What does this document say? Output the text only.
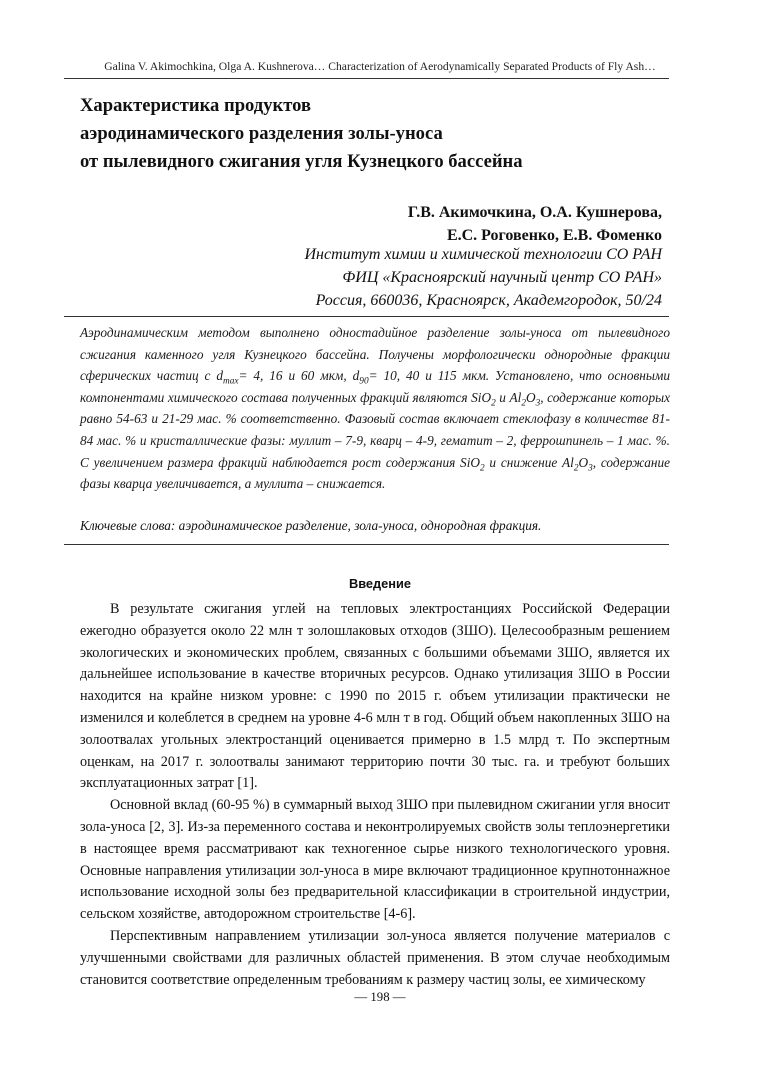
Galina V. Akimochkina, Olga A. Kushnerova… Characterization of Aerodynamically Separated Products of Fly Ash…
Характеристика продуктов
аэродинамического разделения золы-уноса
от пылевидного сжигания угля Кузнецкого бассейна
Г.В. Акимочкина, О.А. Кушнерова,
Е.С. Роговенко, Е.В. Фоменко
Институт химии и химической технологии СО РАН
ФИЦ «Красноярский научный центр СО РАН»
Россия, 660036, Красноярск, Академгородок, 50/24
Аэродинамическим методом выполнено одностадийное разделение золы-уноса от пылевидного сжигания каменного угля Кузнецкого бассейна. Получены морфологически однородные фракции сферических частиц с $d_{max}= 4$, 16 и 60 мкм, $d_{90}= 10$, 40 и 115 мкм. Установлено, что основными компонентами химического состава полученных фракций являются SiO$_2$ и $Al_2O_3$, содержание которых равно 54-63 и 21-29 мас. % соответственно. Фазовый состав включает стеклофазу в количестве 81-84 мас. % и кристаллические фазы: муллит – 7-9, кварц – 4-9, гематит – 2, феррошпинель – 1 мас. %. С увеличением размера фракций наблюдается рост содержания SiO$_2$ и снижение $Al_2O_3$, содержание фазы кварца увеличивается, а муллита – снижается.
Ключевые слова: аэродинамическое разделение, зола-уноса, однородная фракция.
Введение

В результате сжигания углей на тепловых электростанциях Российской Федерации ежегодно образуется около 22 млн т золошлаковых отходов (ЗШО). Целесообразным решением экологических и экономических проблем, связанных с большими объемами ЗШО, является их дальнейшее использование в качестве вторичных ресурсов. Однако утилизация ЗШО в России находится на крайне низком уровне: с 1990 по 2015 г. объем утилизации практически не изменился и колеблется в среднем на уровне 4-6 млн т в год. Общий объем накопленных ЗШО на золоотвалах угольных электростанций оценивается примерно в 1.5 млрд т. По экспертным оценкам, на 2017 г. золоотвалы занимают территорию почти 30 тыс. га. и требуют больших эксплуатационных затрат [1].

Основной вклад (60-95 %) в суммарный выход ЗШО при пылевидном сжигании угля вносит зола-уноса [2, 3]. Из-за переменного состава и неконтролируемых свойств золы теплоэнергетики в настоящее время рассматривают как техногенное сырье низкого технологического уровня. Основные направления утилизации зол-уноса в мире включают традиционное крупнотоннажное использование исходной золы без предварительной классификации в строительной индустрии, сельском хозяйстве, автодорожном строительстве [4-6].

Перспективным направлением утилизации зол-уноса является получение материалов с улучшенными свойствами для различных областей применения. В этом случае необходимым становится соответствие определенным требованиям к размеру частиц золы, ее химическому

— 198 —
